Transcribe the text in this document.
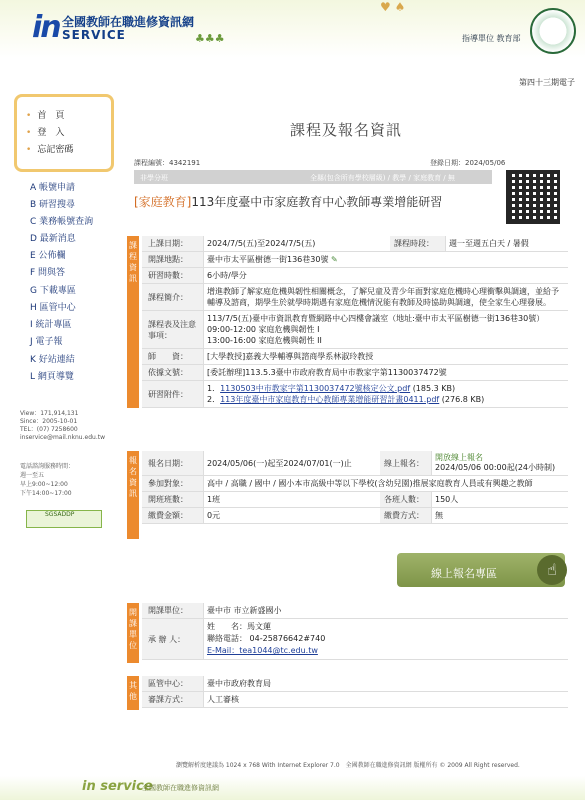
in 全國教師在職進修資訊網
SERVICE
♥ ♠
♣♣♣	指導單位 教育部
第四十三期電子
• 首　頁
• 登　入
• 忘記密碼
A 帳號申請
B 研習搜尋
C 業務帳號查詢
D 最新消息
E 公佈欄
F 問與答
G 下載專區
H 區管中心
I 統計專區
J 電子報
K 好站連結
L 網頁導覽
View：171,914,131
Since：2005-10-01
TEL：(07) 7258600
inservice@mail.nknu.edu.tw
電話諮詢服務時間：
週一至五
早上9:00~12:00
下午14:00~17:00
SGSADDP
課程及報名資訊
課程編號：4342191	登錄日期：2024/05/06
非學分班	全縣(包含所有學校層級) / 教學 / 家庭教育 / 無
[家庭教育]113年度臺中市家庭教育中心教師專業增能研習
課程資訊
上課日期：	2024/7/5(五)至2024/7/5(五)	課程時段：	週一至週五白天 / 暑假
開課地點：	臺中市太平區樹德一街136巷30號 ✎		
研習時數：	6小時/學分		
課程簡介：	增進教師了解家庭危機與韌性相關概念，了解兒童及青少年面對家庭危機時心理衝擊與調適，並給予輔導及諮商，期學生於就學時期遇有家庭危機情況能有教師及時協助與調適，使全家生心理發展。		
課程表及注意事項：	113/7/5(五)臺中市資訊教育暨網路中心四樓會議室（地址:臺中市太平區樹德一街136巷30號）
09:00-12:00 家庭危機與韌性 I
13:00-16:00 家庭危機與韌性 II		

師　　資：	[大學教授]嘉義大學輔導與諮商學系林淑玲教授		
依據文號：	[委託辦理]113.5.3臺中市政府教育局中市教家字第1130037472號		
研習附件：	1．1130503中市教家字第1130037472號核定公文.pdf (185.3 KB)
2．113年度臺中市家庭教育中心教師專業增能研習計畫0411.pdf (276.8 KB)		
報名資訊
報名日期：	2024/05/06(一)起至2024/07/01(一)止	線上報名：	開放線上報名
2024/05/06 00:00起(24小時制)

參加對象：	高中 / 高職 / 國中 / 國小本市高級中等以下學校(含幼兒園)推展家庭教育人員或有興趣之教師		
開班班數：	1班	各班人數：	150人
繳費金額：	0元	繳費方式：	無
線上報名專區	☝
開課單位
開課單位：	臺中市 市立新盛國小
承 辦 人：	姓　　名：馬文蓮
聯絡電話： 04-25876642#740
E-Mail：tea1044@tc.edu.tw
其他
區管中心：	臺中市政府教育局
審課方式：	人工審核
瀏覽解析度建議為 1024 x 768 With Internet Explorer 7.0　全國教師在職進修資訊網 版權所有 © 2009 All Right reserved.
in service
全國教師在職進修資訊網
